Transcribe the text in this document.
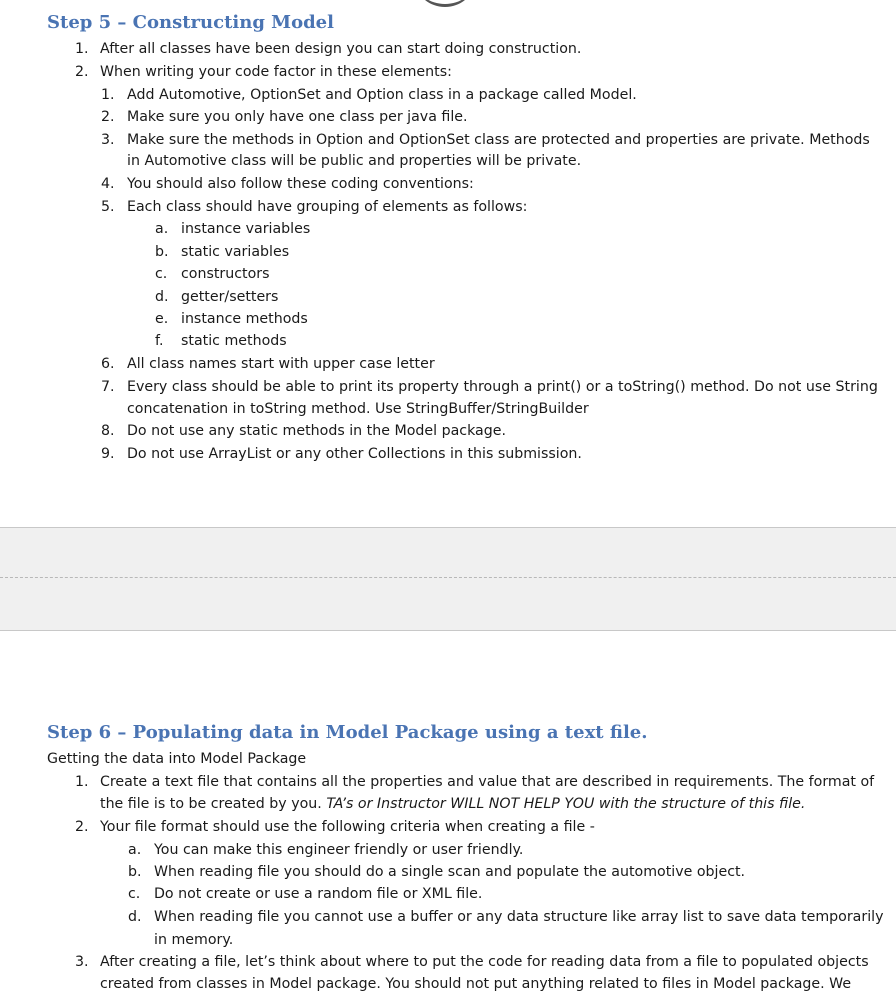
Step 5 – Constructing Model
1. After all classes have been design you can start doing construction.
2. When writing your code factor in these elements:
1. Add Automotive, OptionSet and Option class in a package called Model.
2. Make sure you only have one class per java file.
3. Make sure the methods in Option and OptionSet class are protected and properties are private. Methods
in Automotive class will be public and properties will be private.
4. You should also follow these coding conventions:
5. Each class should have grouping of elements as follows:
a. instance variables
b. static variables
c. constructors
d. getter/setters
e. instance methods
f. static methods
6. All class names start with upper case letter
7. Every class should be able to print its property through a print() or a toString() method. Do not use String
concatenation in toString method. Use StringBuffer/StringBuilder
8. Do not use any static methods in the Model package.
9. Do not use ArrayList or any other Collections in this submission.
Step 6 – Populating data in Model Package using a text file.
Getting the data into Model Package
1. Create a text file that contains all the properties and value that are described in requirements. The format of
the file is to be created by you. TA’s or Instructor WILL NOT HELP YOU with the structure of this file.
2. Your file format should use the following criteria when creating a file -
a. You can make this engineer friendly or user friendly.
b. When reading file you should do a single scan and populate the automotive object.
c. Do not create or use a random file or XML file.
d. When reading file you cannot use a buffer or any data structure like array list to save data temporarily
in memory.
3. After creating a file, let’s think about where to put the code for reading data from a file to populated objects
created from classes in Model package. You should not put anything related to files in Model package. We
